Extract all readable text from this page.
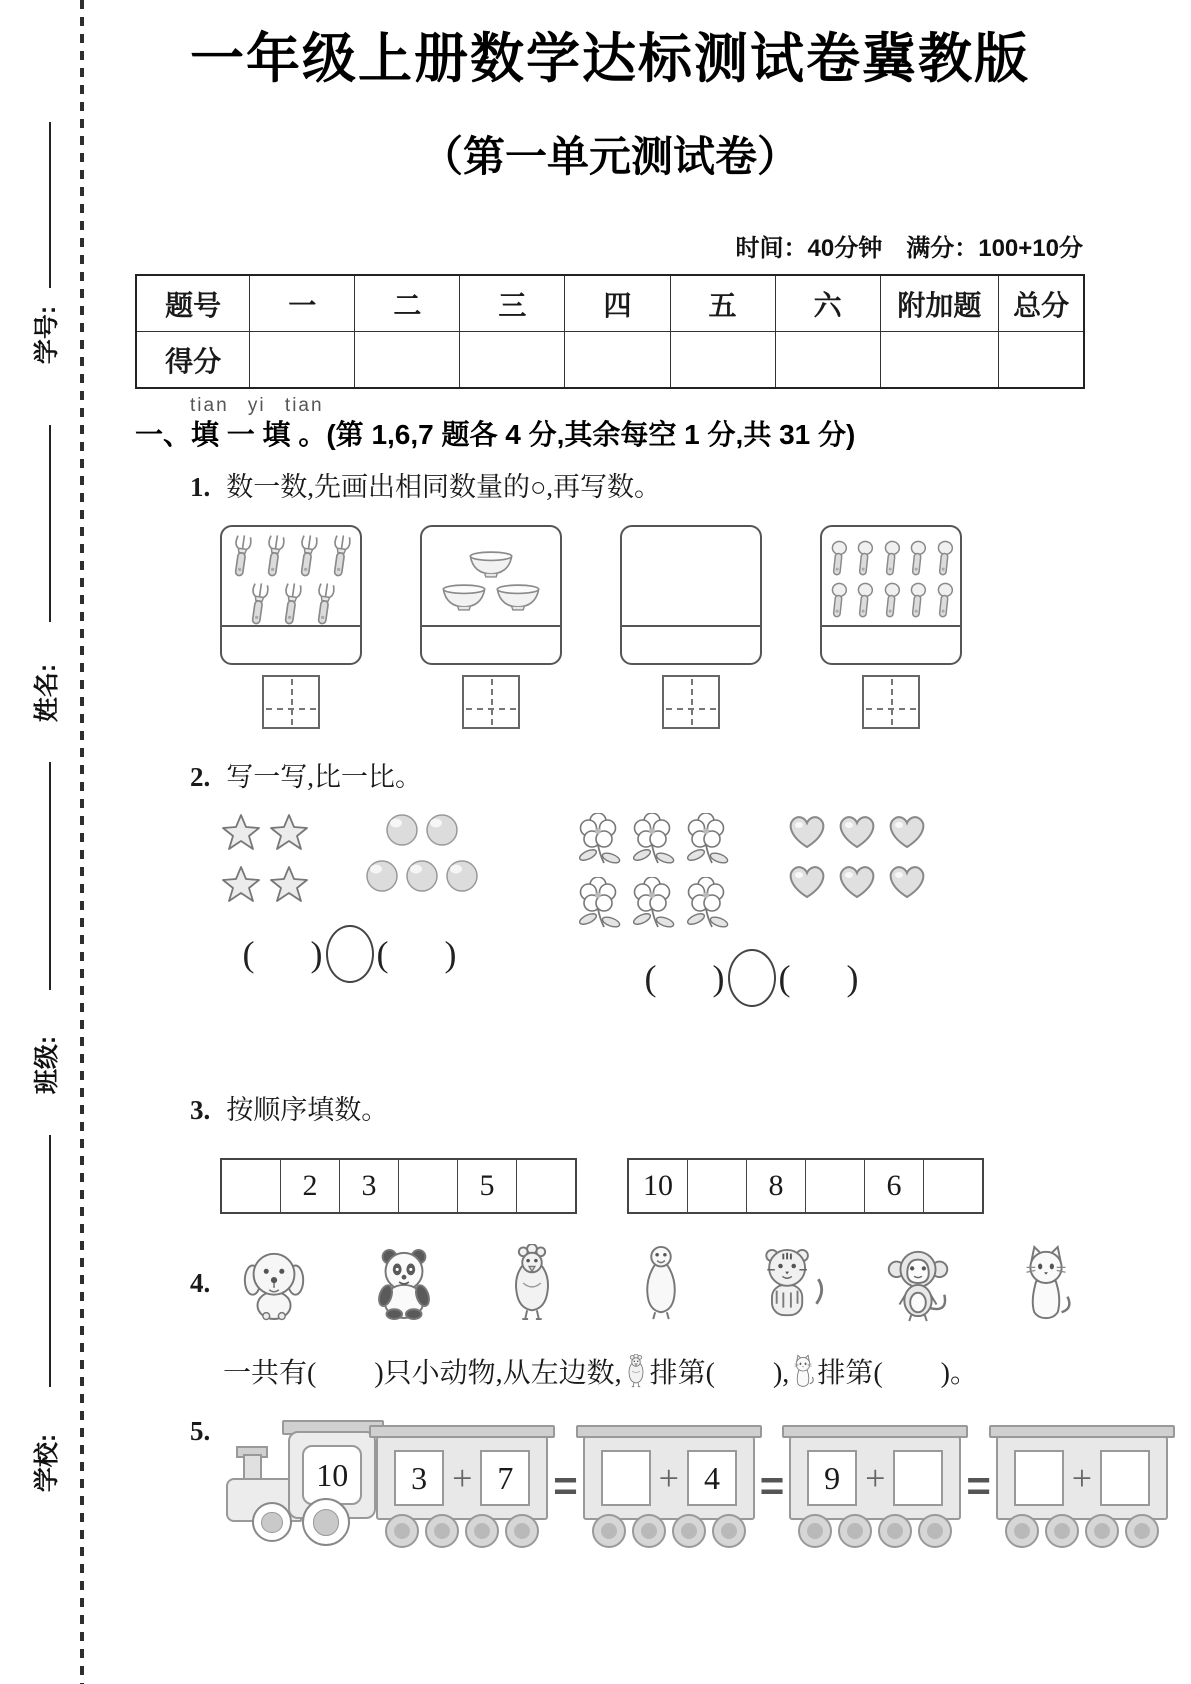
学号:
姓名:
班级:
学校:
一年级上册数学达标测试卷冀教版
（第一单元测试卷）
时间：40分钟　满分：100+10分
题号	一	二	三	四	五	六	附加题	总分
得分								
tian yi tian
一、填 一 填 。(第 1,6,7 题各 4 分,其余每空 1 分,共 31 分)
1. 数一数,先画出相同数量的○,再写数。
2. 写一写,比一比。
( ) ( )
( ) ( )
3. 按顺序填数。
2	3	5	10	8	6
4.
一共有( )只小动物,从左边数, 排第( ), 排第( )。
5.
10	3 + 7 = + 4 =	9 + = +
